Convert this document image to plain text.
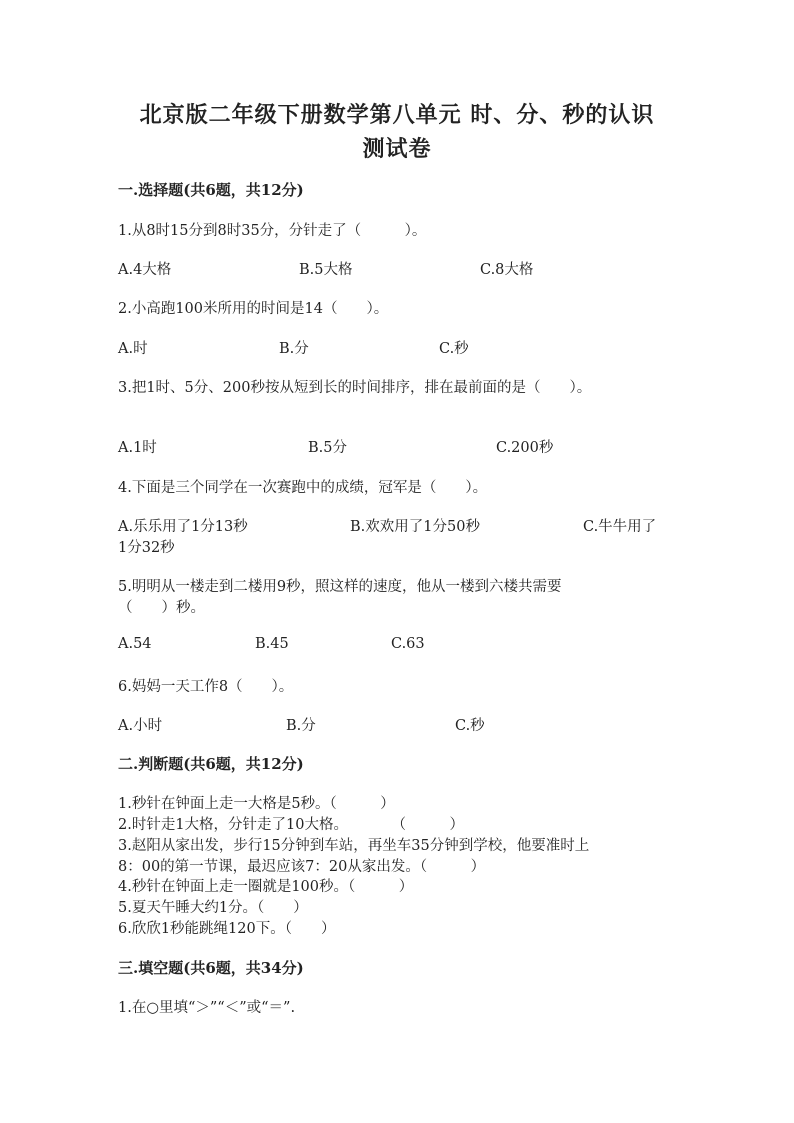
北京版二年级下册数学第八单元 时、分、秒的认识
测试卷
一.选择题(共6题，共12分)
1.从8时15分到8时35分，分针走了（　　　）。
A.4大格	B.5大格	C.8大格
2.小高跑100米所用的时间是14（　　）。
A.时	B.分	C.秒
3.把1时、5分、200秒按从短到长的时间排序，排在最前面的是（　　）。
A.1时	B.5分	C.200秒
4.下面是三个同学在一次赛跑中的成绩，冠军是（　　）。
A.乐乐用了1分13秒	B.欢欢用了1分50秒	C.牛牛用了
1分32秒
5.明明从一楼走到二楼用9秒，照这样的速度，他从一楼到六楼共需要
（　　）秒。
A.54	B.45	C.63
6.妈妈一天工作8（　　）。
A.小时	B.分	C.秒
二.判断题(共6题，共12分)
1.秒针在钟面上走一大格是5秒。（　　　）
2.时针走1大格，分针走了10大格。　　　　（　　　）
3.赵阳从家出发，步行15分钟到车站，再坐车35分钟到学校，他要准时上
8：00的第一节课，最迟应该7：20从家出发。（　　　）
4.秒针在钟面上走一圈就是100秒。（　　　）
5.夏天午睡大约1分。（　　）
6.欣欣1秒能跳绳120下。（　　）
三.填空题(共6题，共34分)
1.在○里填“＞”“＜”或“＝”.
